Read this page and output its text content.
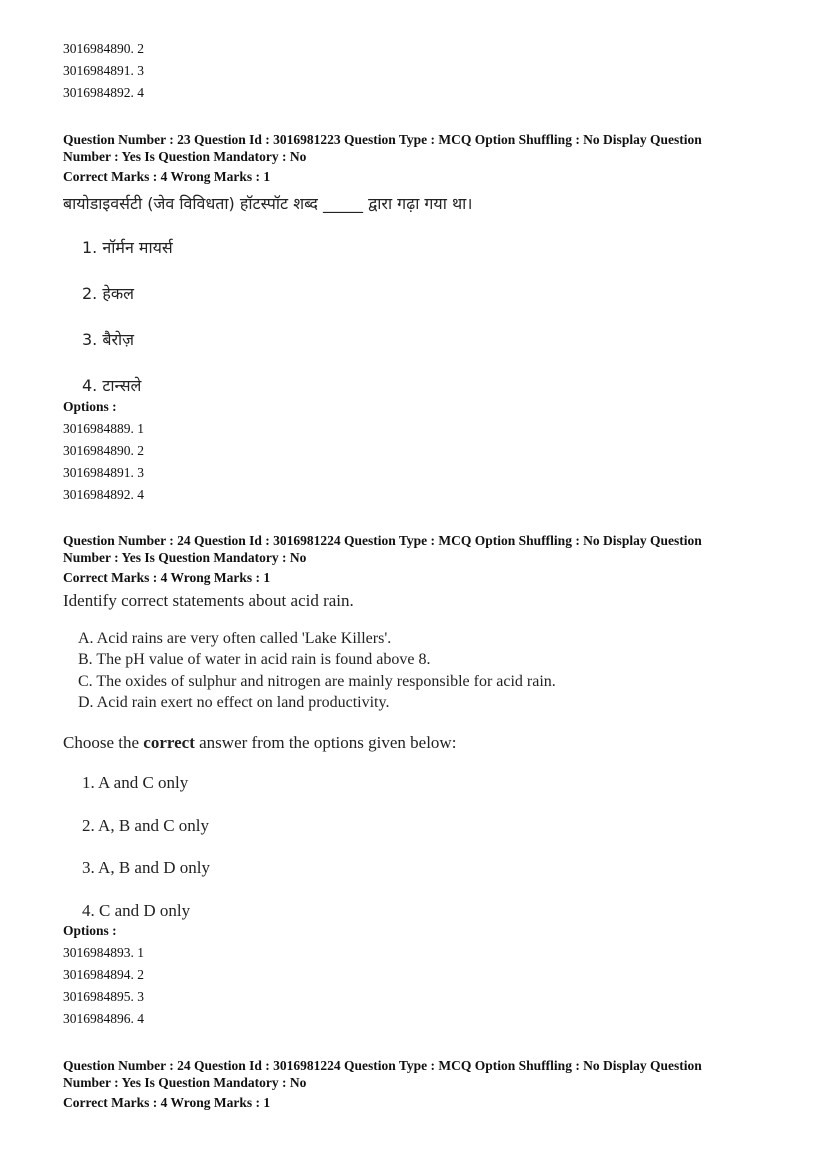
3016984890. 2
3016984891. 3
3016984892. 4
Question Number : 23 Question Id : 3016981223 Question Type : MCQ Option Shuffling : No Display Question
Number : Yes Is Question Mandatory : No
Correct Marks : 4 Wrong Marks : 1
बायोडाइवर्सटी (जेव विविधता) हॉटस्पॉट शब्द _____ द्वारा गढ़ा गया था।
1. नॉर्मन मायर्स
2. हेकल
3. बैरोज़
4. टान्सले
Options :
3016984889. 1
3016984890. 2
3016984891. 3
3016984892. 4
Question Number : 24 Question Id : 3016981224 Question Type : MCQ Option Shuffling : No Display Question
Number : Yes Is Question Mandatory : No
Correct Marks : 4 Wrong Marks : 1
Identify correct statements about acid rain.
A. Acid rains are very often called 'Lake Killers'.
B. The pH value of water in acid rain is found above 8.
C. The oxides of sulphur and nitrogen are mainly responsible for acid rain.
D. Acid rain exert no effect on land productivity.
Choose the correct answer from the options given below:
1. A and C only
2. A, B and C only
3. A, B and D only
4. C and D only
Options :
3016984893. 1
3016984894. 2
3016984895. 3
3016984896. 4
Question Number : 24 Question Id : 3016981224 Question Type : MCQ Option Shuffling : No Display Question
Number : Yes Is Question Mandatory : No
Correct Marks : 4 Wrong Marks : 1
